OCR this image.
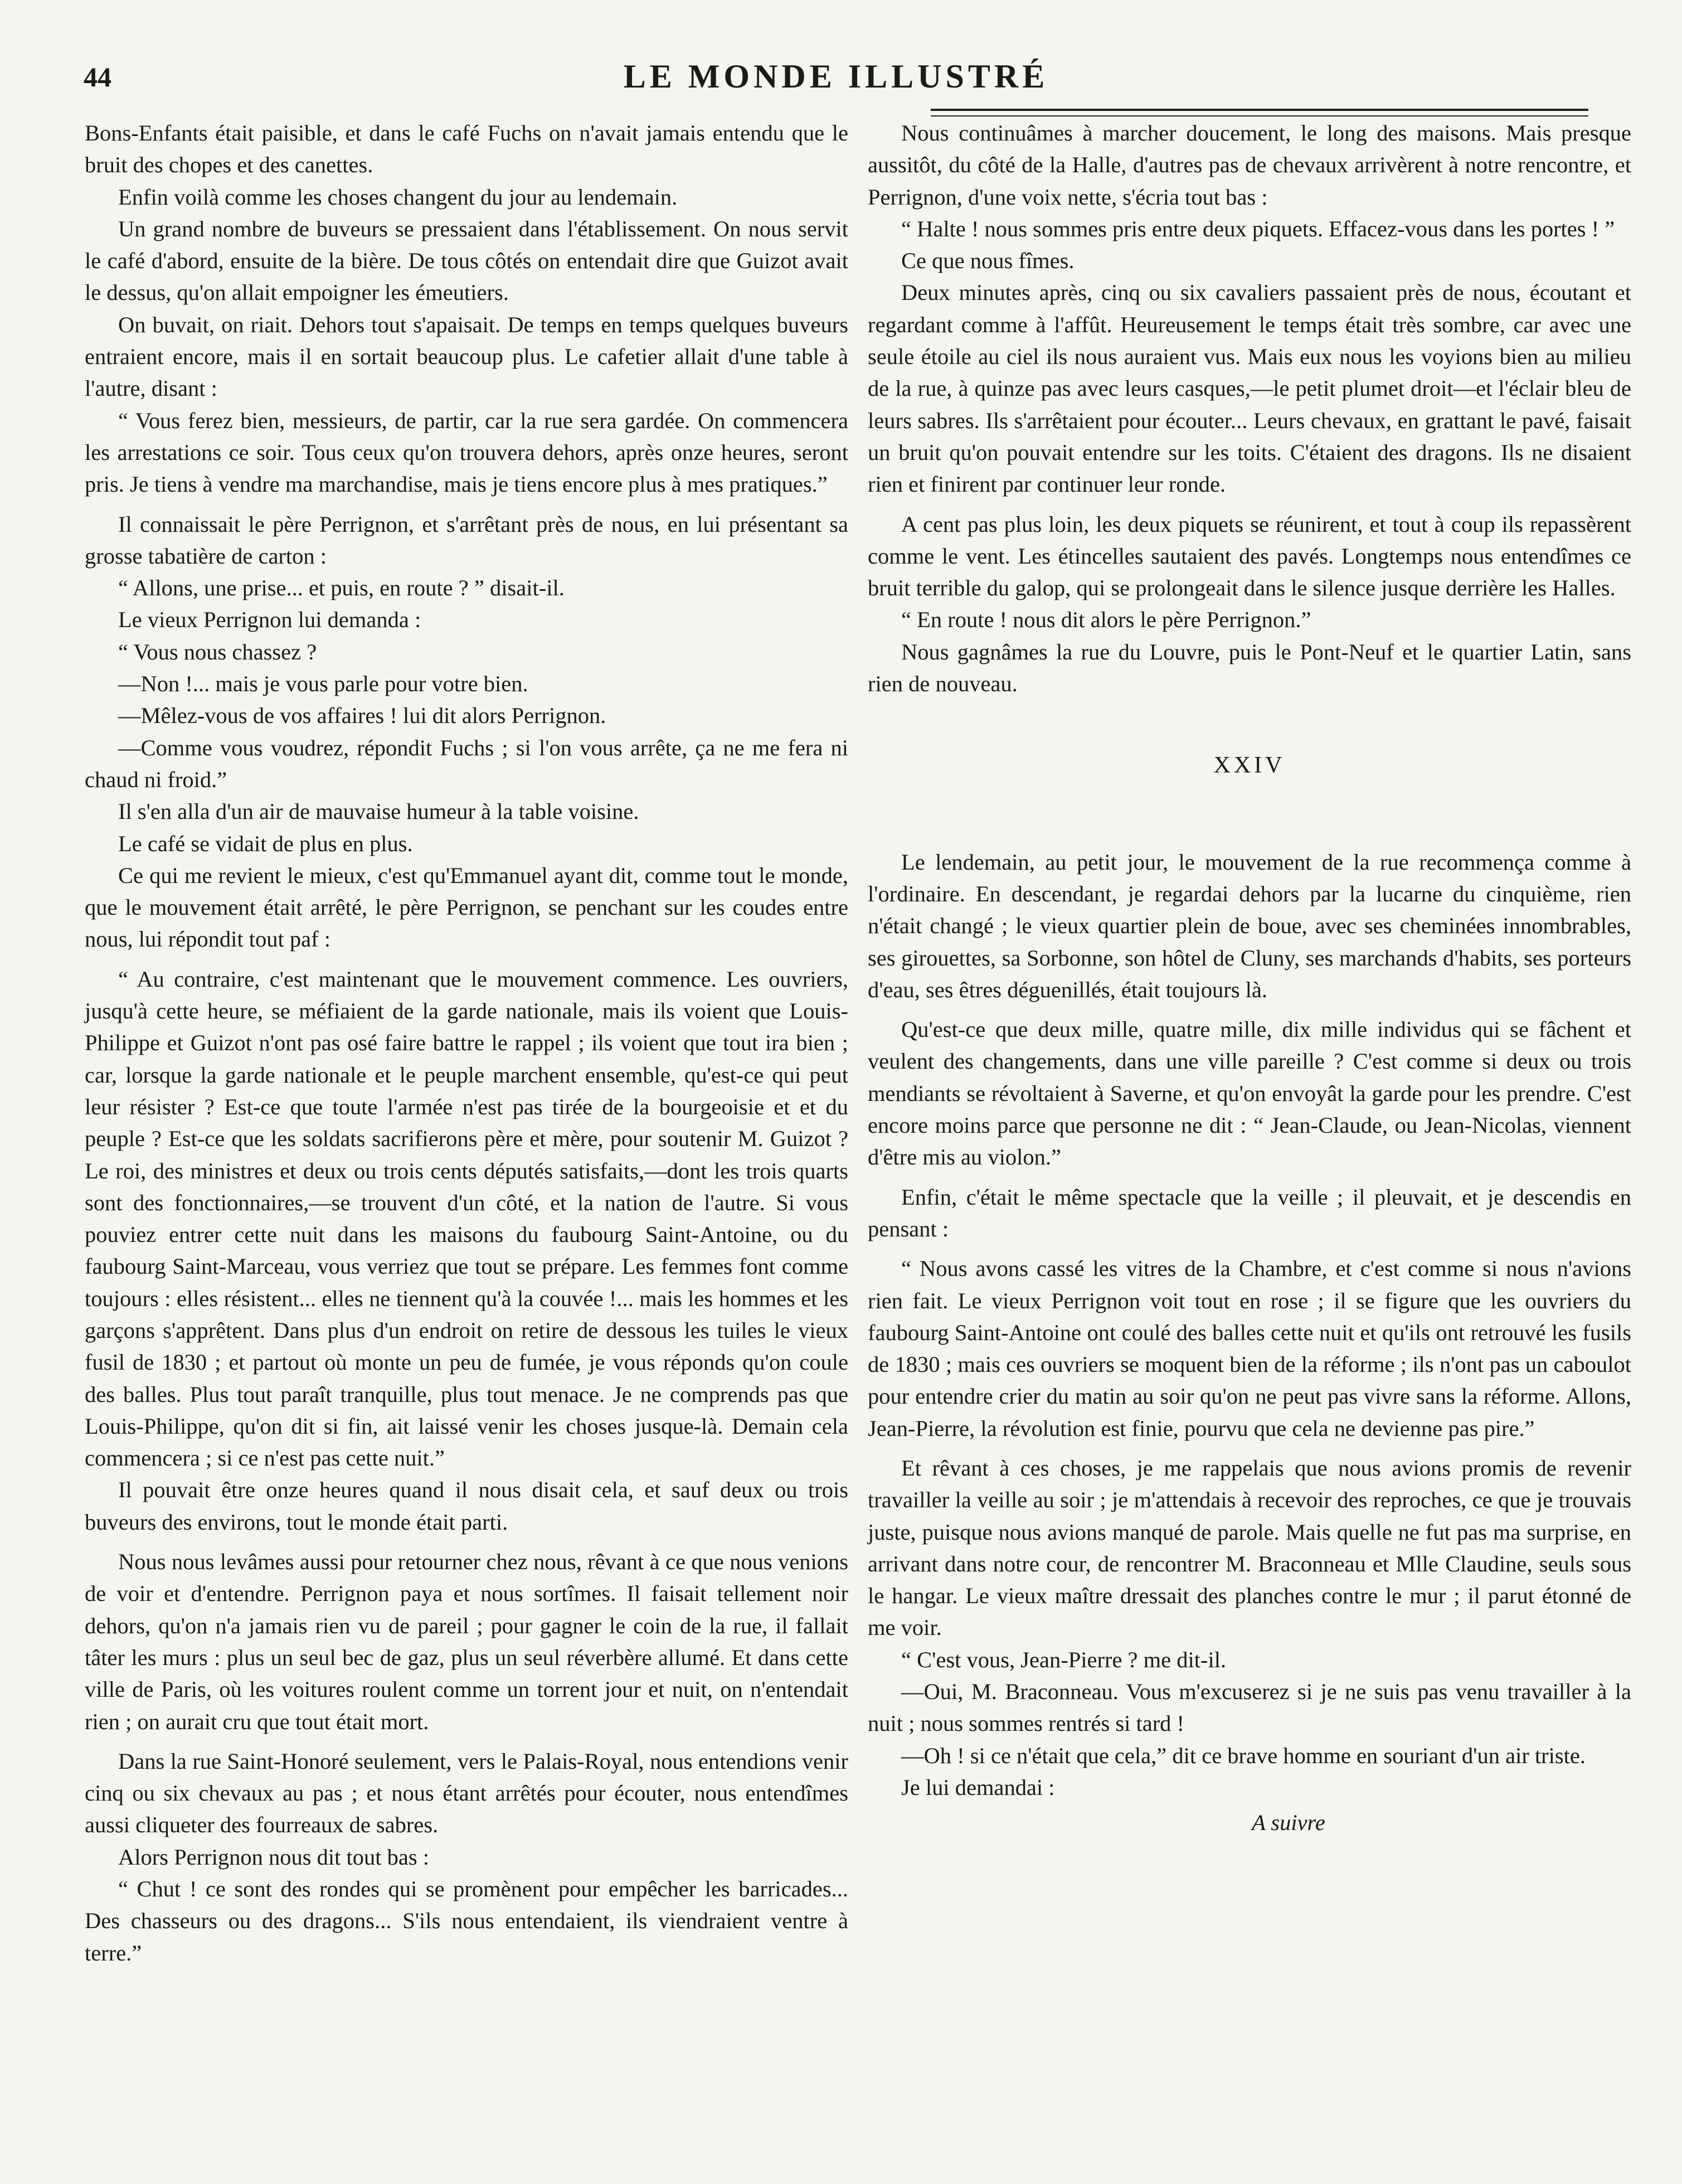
44	LE MONDE ILLUSTRÉ

Bons-Enfants était paisible, et dans le café Fuchs on n'avait jamais entendu que le bruit des chopes et des canettes.

Enfin voilà comme les choses changent du jour au lendemain.

Un grand nombre de buveurs se pressaient dans l'établissement. On nous servit le café d'abord, ensuite de la bière. De tous côtés on entendait dire que Guizot avait le dessus, qu'on allait empoigner les émeutiers.

On buvait, on riait. Dehors tout s'apaisait. De temps en temps quelques buveurs entraient encore, mais il en sortait beaucoup plus. Le cafetier allait d'une table à l'autre, disant :

“ Vous ferez bien, messieurs, de partir, car la rue sera gardée. On commencera les arrestations ce soir. Tous ceux qu'on trouvera dehors, après onze heures, seront pris. Je tiens à vendre ma marchandise, mais je tiens encore plus à mes pratiques.”

Il connaissait le père Perrignon, et s'arrêtant près de nous, en lui présentant sa grosse tabatière de carton :

“ Allons, une prise... et puis, en route ? ” disait-il.

Le vieux Perrignon lui demanda :

“ Vous nous chassez ?

—Non !... mais je vous parle pour votre bien.

—Mêlez-vous de vos affaires ! lui dit alors Perrignon.

—Comme vous voudrez, répondit Fuchs ; si l'on vous arrête, ça ne me fera ni chaud ni froid.”

Il s'en alla d'un air de mauvaise humeur à la table voisine.

Le café se vidait de plus en plus.

Ce qui me revient le mieux, c'est qu'Emmanuel ayant dit, comme tout le monde, que le mouvement était arrêté, le père Perrignon, se penchant sur les coudes entre nous, lui répondit tout paf :

“ Au contraire, c'est maintenant que le mouvement commence. Les ouvriers, jusqu'à cette heure, se méfiaient de la garde nationale, mais ils voient que Louis-Philippe et Guizot n'ont pas osé faire battre le rappel ; ils voient que tout ira bien ; car, lorsque la garde nationale et le peuple marchent ensemble, qu'est-ce qui peut leur résister ? Est-ce que toute l'armée n'est pas tirée de la bourgeoisie et et du peuple ? Est-ce que les soldats sacrifierons père et mère, pour soutenir M. Guizot ? Le roi, des ministres et deux ou trois cents députés satisfaits,—dont les trois quarts sont des fonctionnaires,—se trouvent d'un côté, et la nation de l'autre. Si vous pouviez entrer cette nuit dans les maisons du faubourg Saint-Antoine, ou du faubourg Saint-Marceau, vous verriez que tout se prépare. Les femmes font comme toujours : elles résistent... elles ne tiennent qu'à la couvée !... mais les hommes et les garçons s'apprêtent. Dans plus d'un endroit on retire de dessous les tuiles le vieux fusil de 1830 ; et partout où monte un peu de fumée, je vous réponds qu'on coule des balles. Plus tout paraît tranquille, plus tout menace. Je ne comprends pas que Louis-Philippe, qu'on dit si fin, ait laissé venir les choses jusque-là. Demain cela commencera ; si ce n'est pas cette nuit.”

Il pouvait être onze heures quand il nous disait cela, et sauf deux ou trois buveurs des environs, tout le monde était parti.

Nous nous levâmes aussi pour retourner chez nous, rêvant à ce que nous venions de voir et d'entendre. Perrignon paya et nous sortîmes. Il faisait tellement noir dehors, qu'on n'a jamais rien vu de pareil ; pour gagner le coin de la rue, il fallait tâter les murs : plus un seul bec de gaz, plus un seul réverbère allumé. Et dans cette ville de Paris, où les voitures roulent comme un torrent jour et nuit, on n'entendait rien ; on aurait cru que tout était mort.

Dans la rue Saint-Honoré seulement, vers le Palais-Royal, nous entendions venir cinq ou six chevaux au pas ; et nous étant arrêtés pour écouter, nous entendîmes aussi cliqueter des fourreaux de sabres.

Alors Perrignon nous dit tout bas :

“ Chut ! ce sont des rondes qui se promènent pour empêcher les barricades... Des chasseurs ou des dragons... S'ils nous entendaient, ils viendraient ventre à terre.”

Nous continuâmes à marcher doucement, le long des maisons. Mais presque aussitôt, du côté de la Halle, d'autres pas de chevaux arrivèrent à notre rencontre, et Perrignon, d'une voix nette, s'écria tout bas :

“ Halte ! nous sommes pris entre deux piquets. Effacez-vous dans les portes ! ”

Ce que nous fîmes.

Deux minutes après, cinq ou six cavaliers passaient près de nous, écoutant et regardant comme à l'affût. Heureusement le temps était très sombre, car avec une seule étoile au ciel ils nous auraient vus. Mais eux nous les voyions bien au milieu de la rue, à quinze pas avec leurs casques,—le petit plumet droit—et l'éclair bleu de leurs sabres. Ils s'arrêtaient pour écouter... Leurs chevaux, en grattant le pavé, faisait un bruit qu'on pouvait entendre sur les toits. C'étaient des dragons. Ils ne disaient rien et finirent par continuer leur ronde.

A cent pas plus loin, les deux piquets se réunirent, et tout à coup ils repassèrent comme le vent. Les étincelles sautaient des pavés. Longtemps nous entendîmes ce bruit terrible du galop, qui se prolongeait dans le silence jusque derrière les Halles.

“ En route ! nous dit alors le père Perrignon.”

Nous gagnâmes la rue du Louvre, puis le Pont-Neuf et le quartier Latin, sans rien de nouveau.

XXIV

Le lendemain, au petit jour, le mouvement de la rue recommença comme à l'ordinaire. En descendant, je regardai dehors par la lucarne du cinquième, rien n'était changé ; le vieux quartier plein de boue, avec ses cheminées innombrables, ses girouettes, sa Sorbonne, son hôtel de Cluny, ses marchands d'habits, ses porteurs d'eau, ses êtres déguenillés, était toujours là.

Qu'est-ce que deux mille, quatre mille, dix mille individus qui se fâchent et veulent des changements, dans une ville pareille ? C'est comme si deux ou trois mendiants se révoltaient à Saverne, et qu'on envoyât la garde pour les prendre. C'est encore moins parce que personne ne dit : “ Jean-Claude, ou Jean-Nicolas, viennent d'être mis au violon.”

Enfin, c'était le même spectacle que la veille ; il pleuvait, et je descendis en pensant :

“ Nous avons cassé les vitres de la Chambre, et c'est comme si nous n'avions rien fait. Le vieux Perrignon voit tout en rose ; il se figure que les ouvriers du faubourg Saint-Antoine ont coulé des balles cette nuit et qu'ils ont retrouvé les fusils de 1830 ; mais ces ouvriers se moquent bien de la réforme ; ils n'ont pas un caboulot pour entendre crier du matin au soir qu'on ne peut pas vivre sans la réforme. Allons, Jean-Pierre, la révolution est finie, pourvu que cela ne devienne pas pire.”

Et rêvant à ces choses, je me rappelais que nous avions promis de revenir travailler la veille au soir ; je m'attendais à recevoir des reproches, ce que je trouvais juste, puisque nous avions manqué de parole. Mais quelle ne fut pas ma surprise, en arrivant dans notre cour, de rencontrer M. Braconneau et Mlle Claudine, seuls sous le hangar. Le vieux maître dressait des planches contre le mur ; il parut étonné de me voir.

“ C'est vous, Jean-Pierre ? me dit-il.

—Oui, M. Braconneau. Vous m'excuserez si je ne suis pas venu travailler à la nuit ; nous sommes rentrés si tard !

—Oh ! si ce n'était que cela,” dit ce brave homme en souriant d'un air triste.

Je lui demandai :

A suivre
